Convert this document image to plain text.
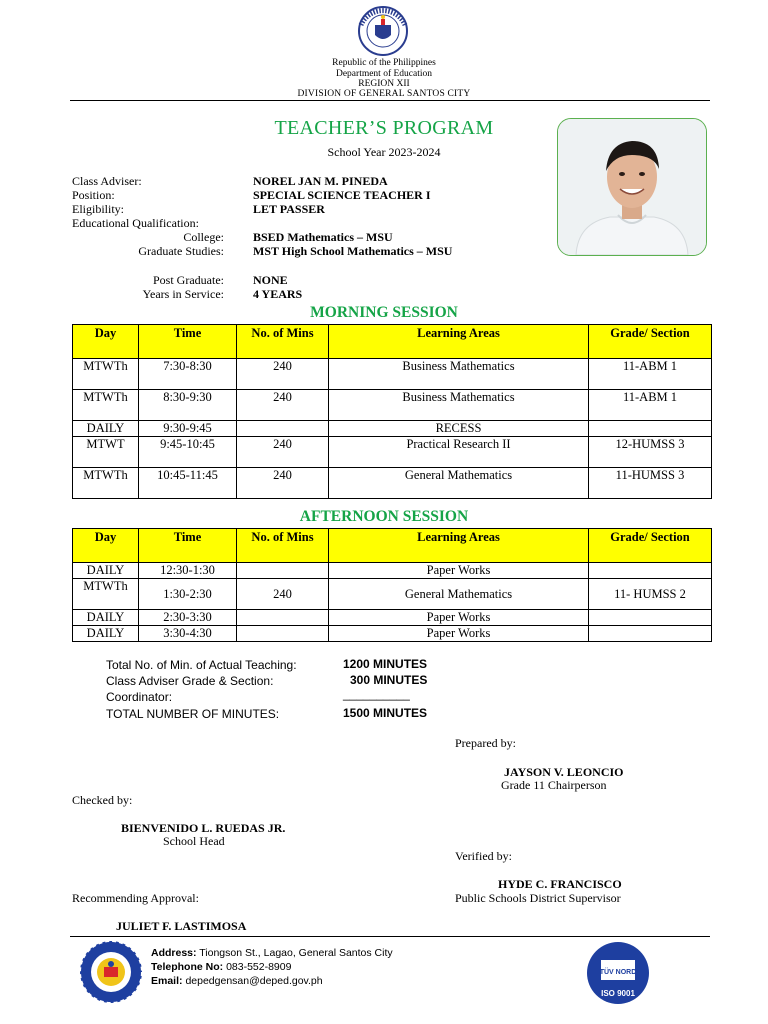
Republic of the Philippines
Department of Education
REGION XII
DIVISION OF GENERAL SANTOS CITY
TEACHER’S PROGRAM
School Year 2023-2024
Class Adviser:	NOREL JAN M. PINEDA
Position:	SPECIAL SCIENCE TEACHER I
Eligibility:	LET PASSER
Educational Qualification:
College: BSED Mathematics – MSU
Graduate Studies: MST High School Mathematics – MSU
Post Graduate: NONE
Years in Service: 4 YEARS
MORNING SESSION
Day	Time	No. of Mins	Learning Areas	Grade/ Section
MTWTh	7:30-8:30	240	Business Mathematics	11-ABM 1
MTWTh	8:30-9:30	240	Business Mathematics	11-ABM 1
DAILY	9:30-9:45		RECESS	
MTWT	9:45-10:45	240	Practical Research II	12-HUMSS 3
MTWTh	10:45-11:45	240	General Mathematics	11-HUMSS 3
AFTERNOON SESSION
Day	Time	No. of Mins	Learning Areas	Grade/ Section
DAILY	12:30-1:30		Paper Works	
MTWTh	1:30-2:30	240	General Mathematics	11- HUMSS 2
DAILY	2:30-3:30		Paper Works	
DAILY	3:30-4:30		Paper Works	
Total No. of Min. of Actual Teaching:	1200 MINUTES
Class Adviser Grade & Section:	300 MINUTES
Coordinator:	__________
TOTAL NUMBER OF MINUTES:	1500 MINUTES
Prepared by:
JAYSON V. LEONCIO
Grade 11 Chairperson
Checked by:
BIENVENIDO L. RUEDAS JR.
School Head
Verified by:
HYDE C. FRANCISCO
Public Schools District Supervisor
Recommending Approval:
JULIET F. LASTIMOSA
Address: Tiongson St., Lagao, General Santos City
Telephone No: 083-552-8909
Email: depedgensan@deped.gov.ph
TÜV NORD
ISO 9001
